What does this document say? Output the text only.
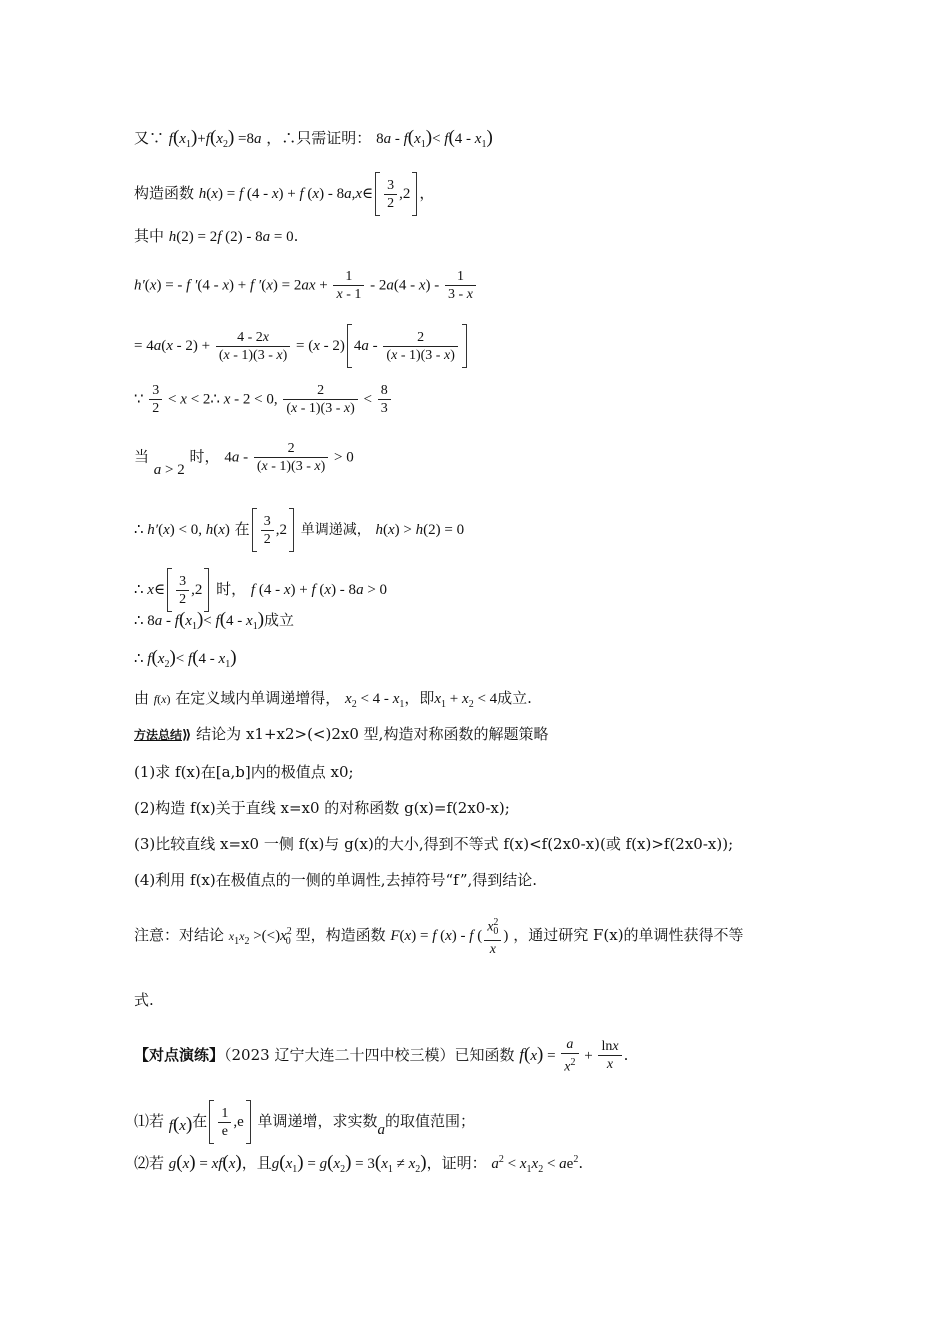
又∵ $f(x_1)+f(x_2) =8a$ ，∴只需证明： $8a - f(x_1)< f(4 - x_1)$
构造函数 h(x) = f (4 - x) + f (x) - 8a,x∈ $\frac{3}{2} ,2$ ，
其中 h(2) = 2f (2) - 8a = 0.
h′(x) = - f ′(4 - x) + f $'(x) = 2ax + \frac{1}{x - 1} - 2a(4 - x) - \frac{1}{3 - x}$
= $4a(x - 2) + \frac{4 - 2x}{(x - 1)(3 - x)} = (x - 2)$ $4a - \frac{2}{(x - 1)(3 - x)}$
∵ $\frac{3}{2} < x$ < 2∴ x - 2 < 0, $\frac{2}{(x - 1)(3 - x)} < \frac{8}{3}$
当 a > 2 时， $4a - \frac{2}{(x - 1)(3 - x)} > 0$
∴ h′(x) < 0, h(x) 在 $\frac{3}{2} ,2$ 单调递减， h(x) > h(2) = 0
∴ x∈ $\frac{3}{2} ,2$ 时， f (4 - x) + f (x) - 8a > 0
∴ $8a - f(x_1)< f(4 - x_1)$成立
∴ $f(x_2)< f(4 - x_1)$
由 f(x) 在定义域内单调递增得， $x_2 < 4 - x_1$，即$x_1 + x_2 < 4$成立.
方法总结⟫ 结论为 x1+x2>(<)2x0 型,构造对称函数的解题策略
(1)求 f(x)在[a,b]内的极值点 x0;
(2)构造 f(x)关于直线 x=x0 的对称函数 g(x)=f(2x0-x);
(3)比较直线 x=x0 一侧 f(x)与 g(x)的大小,得到不等式 f(x)<f(2x0-x)(或 f(x)>f(2x0-x));
(4)利用 f(x)在极值点的一侧的单调性,去掉符号“f”,得到结论.
注意：对结论 $x_1x_2 >(<)x^2_0$ 型，构造函数 F(x) = f (x) - f ( $\frac{x^2_0}{x}$ ) ，通过研究 F(x)的单调性获得不等
式.
【对点演练】（2023 辽宁大连二十四中校三模）已知函数 $f(x) = \frac{a}{x^2} + \frac{\ln x}{x}$ .
⑴若 f(x)在 $\frac{1}{e} ,e$ 单调递增，求实数a的取值范围；
⑵若 g(x) = xf(x)，且$g(x_1) = g(x_2) = 3(x_1 \ne x_2)$，证明： $a^2 < x_1x_2 < ae^2$.
